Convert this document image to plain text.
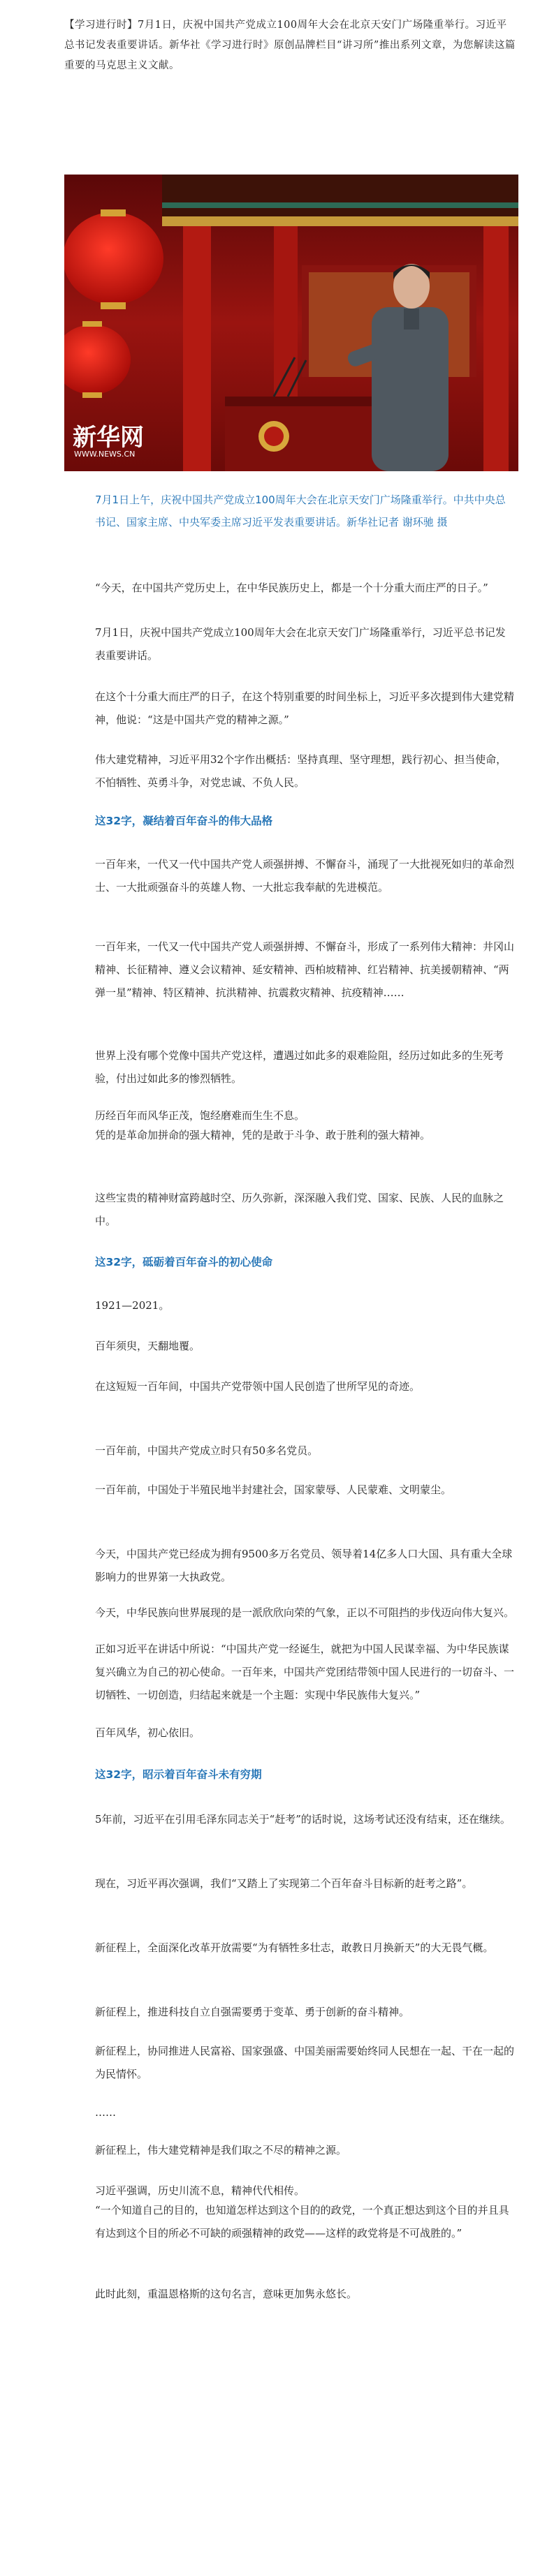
【学习进行时】7月1日，庆祝中国共产党成立100周年大会在北京天安门广场隆重举行。习近平总书记发表重要讲话。新华社《学习进行时》原创品牌栏目“讲习所”推出系列文章，为您解读这篇重要的马克思主义文献。
新华网
WWW.NEWS.CN
7月1日上午，庆祝中国共产党成立100周年大会在北京天安门广场隆重举行。中共中央总书记、国家主席、中央军委主席习近平发表重要讲话。新华社记者 谢环驰 摄
“今天，在中国共产党历史上，在中华民族历史上，都是一个十分重大而庄严的日子。”
7月1日，庆祝中国共产党成立100周年大会在北京天安门广场隆重举行，习近平总书记发表重要讲话。
在这个十分重大而庄严的日子，在这个特别重要的时间坐标上，习近平多次提到伟大建党精神，他说：“这是中国共产党的精神之源。”
伟大建党精神，习近平用32个字作出概括：坚持真理、坚守理想，践行初心、担当使命，不怕牺牲、英勇斗争，对党忠诚、不负人民。
这32字，凝结着百年奋斗的伟大品格
一百年来，一代又一代中国共产党人顽强拼搏、不懈奋斗，涌现了一大批视死如归的革命烈士、一大批顽强奋斗的英雄人物、一大批忘我奉献的先进模范。
一百年来，一代又一代中国共产党人顽强拼搏、不懈奋斗，形成了一系列伟大精神：井冈山精神、长征精神、遵义会议精神、延安精神、西柏坡精神、红岩精神、抗美援朝精神、“两弹一星”精神、特区精神、抗洪精神、抗震救灾精神、抗疫精神……
世界上没有哪个党像中国共产党这样，遭遇过如此多的艰难险阻，经历过如此多的生死考验，付出过如此多的惨烈牺牲。
历经百年而风华正茂，饱经磨难而生生不息。
凭的是革命加拼命的强大精神，凭的是敢于斗争、敢于胜利的强大精神。
这些宝贵的精神财富跨越时空、历久弥新，深深融入我们党、国家、民族、人民的血脉之中。
这32字，砥砺着百年奋斗的初心使命
1921—2021。
百年须臾，天翻地覆。
在这短短一百年间，中国共产党带领中国人民创造了世所罕见的奇迹。
一百年前，中国共产党成立时只有50多名党员。
一百年前，中国处于半殖民地半封建社会，国家蒙辱、人民蒙难、文明蒙尘。
今天，中国共产党已经成为拥有9500多万名党员、领导着14亿多人口大国、具有重大全球影响力的世界第一大执政党。
今天，中华民族向世界展现的是一派欣欣向荣的气象，正以不可阻挡的步伐迈向伟大复兴。
正如习近平在讲话中所说：“中国共产党一经诞生，就把为中国人民谋幸福、为中华民族谋复兴确立为自己的初心使命。一百年来，中国共产党团结带领中国人民进行的一切奋斗、一切牺牲、一切创造，归结起来就是一个主题：实现中华民族伟大复兴。”
百年风华，初心依旧。
这32字，昭示着百年奋斗未有穷期
5年前，习近平在引用毛泽东同志关于“赶考”的话时说，这场考试还没有结束，还在继续。
现在，习近平再次强调，我们“又踏上了实现第二个百年奋斗目标新的赶考之路”。
新征程上，全面深化改革开放需要“为有牺牲多壮志，敢教日月换新天”的大无畏气概。
新征程上，推进科技自立自强需要勇于变革、勇于创新的奋斗精神。
新征程上，协同推进人民富裕、国家强盛、中国美丽需要始终同人民想在一起、干在一起的为民情怀。
……
新征程上，伟大建党精神是我们取之不尽的精神之源。
习近平强调，历史川流不息，精神代代相传。
“一个知道自己的目的，也知道怎样达到这个目的的政党，一个真正想达到这个目的并且具有达到这个目的所必不可缺的顽强精神的政党——这样的政党将是不可战胜的。”
此时此刻，重温恩格斯的这句名言，意味更加隽永悠长。
